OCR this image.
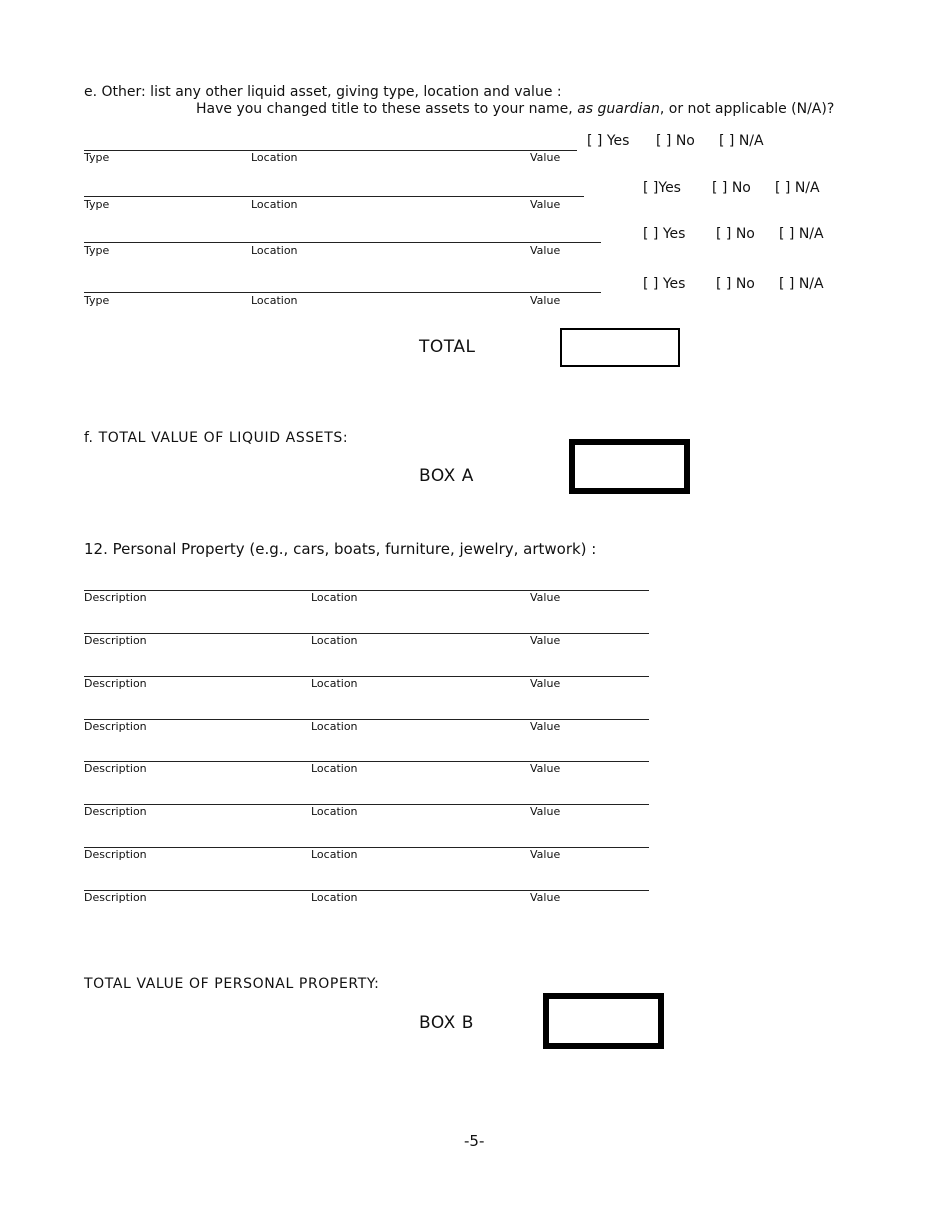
e. Other: list any other liquid asset, giving type, location and value :
Have you changed title to these assets to your name, as guardian, or not applicable (N/A)?
Type	Location	Value
[ ] Yes [ ] No [ ] N/A
Type	Location	Value
[ ]Yes [ ] No [ ] N/A
Type	Location	Value
[ ] Yes [ ] No [ ] N/A
Type	Location	Value
[ ] Yes [ ] No [ ] N/A
TOTAL
f. TOTAL VALUE OF LIQUID ASSETS:
BOX A
12. Personal Property (e.g., cars, boats, furniture, jewelry, artwork) :
Description	Location	Value
Description	Location	Value
Description	Location	Value
Description	Location	Value
Description	Location	Value
Description	Location	Value
Description	Location	Value
Description	Location	Value
TOTAL VALUE OF PERSONAL PROPERTY:
BOX B
-5-
